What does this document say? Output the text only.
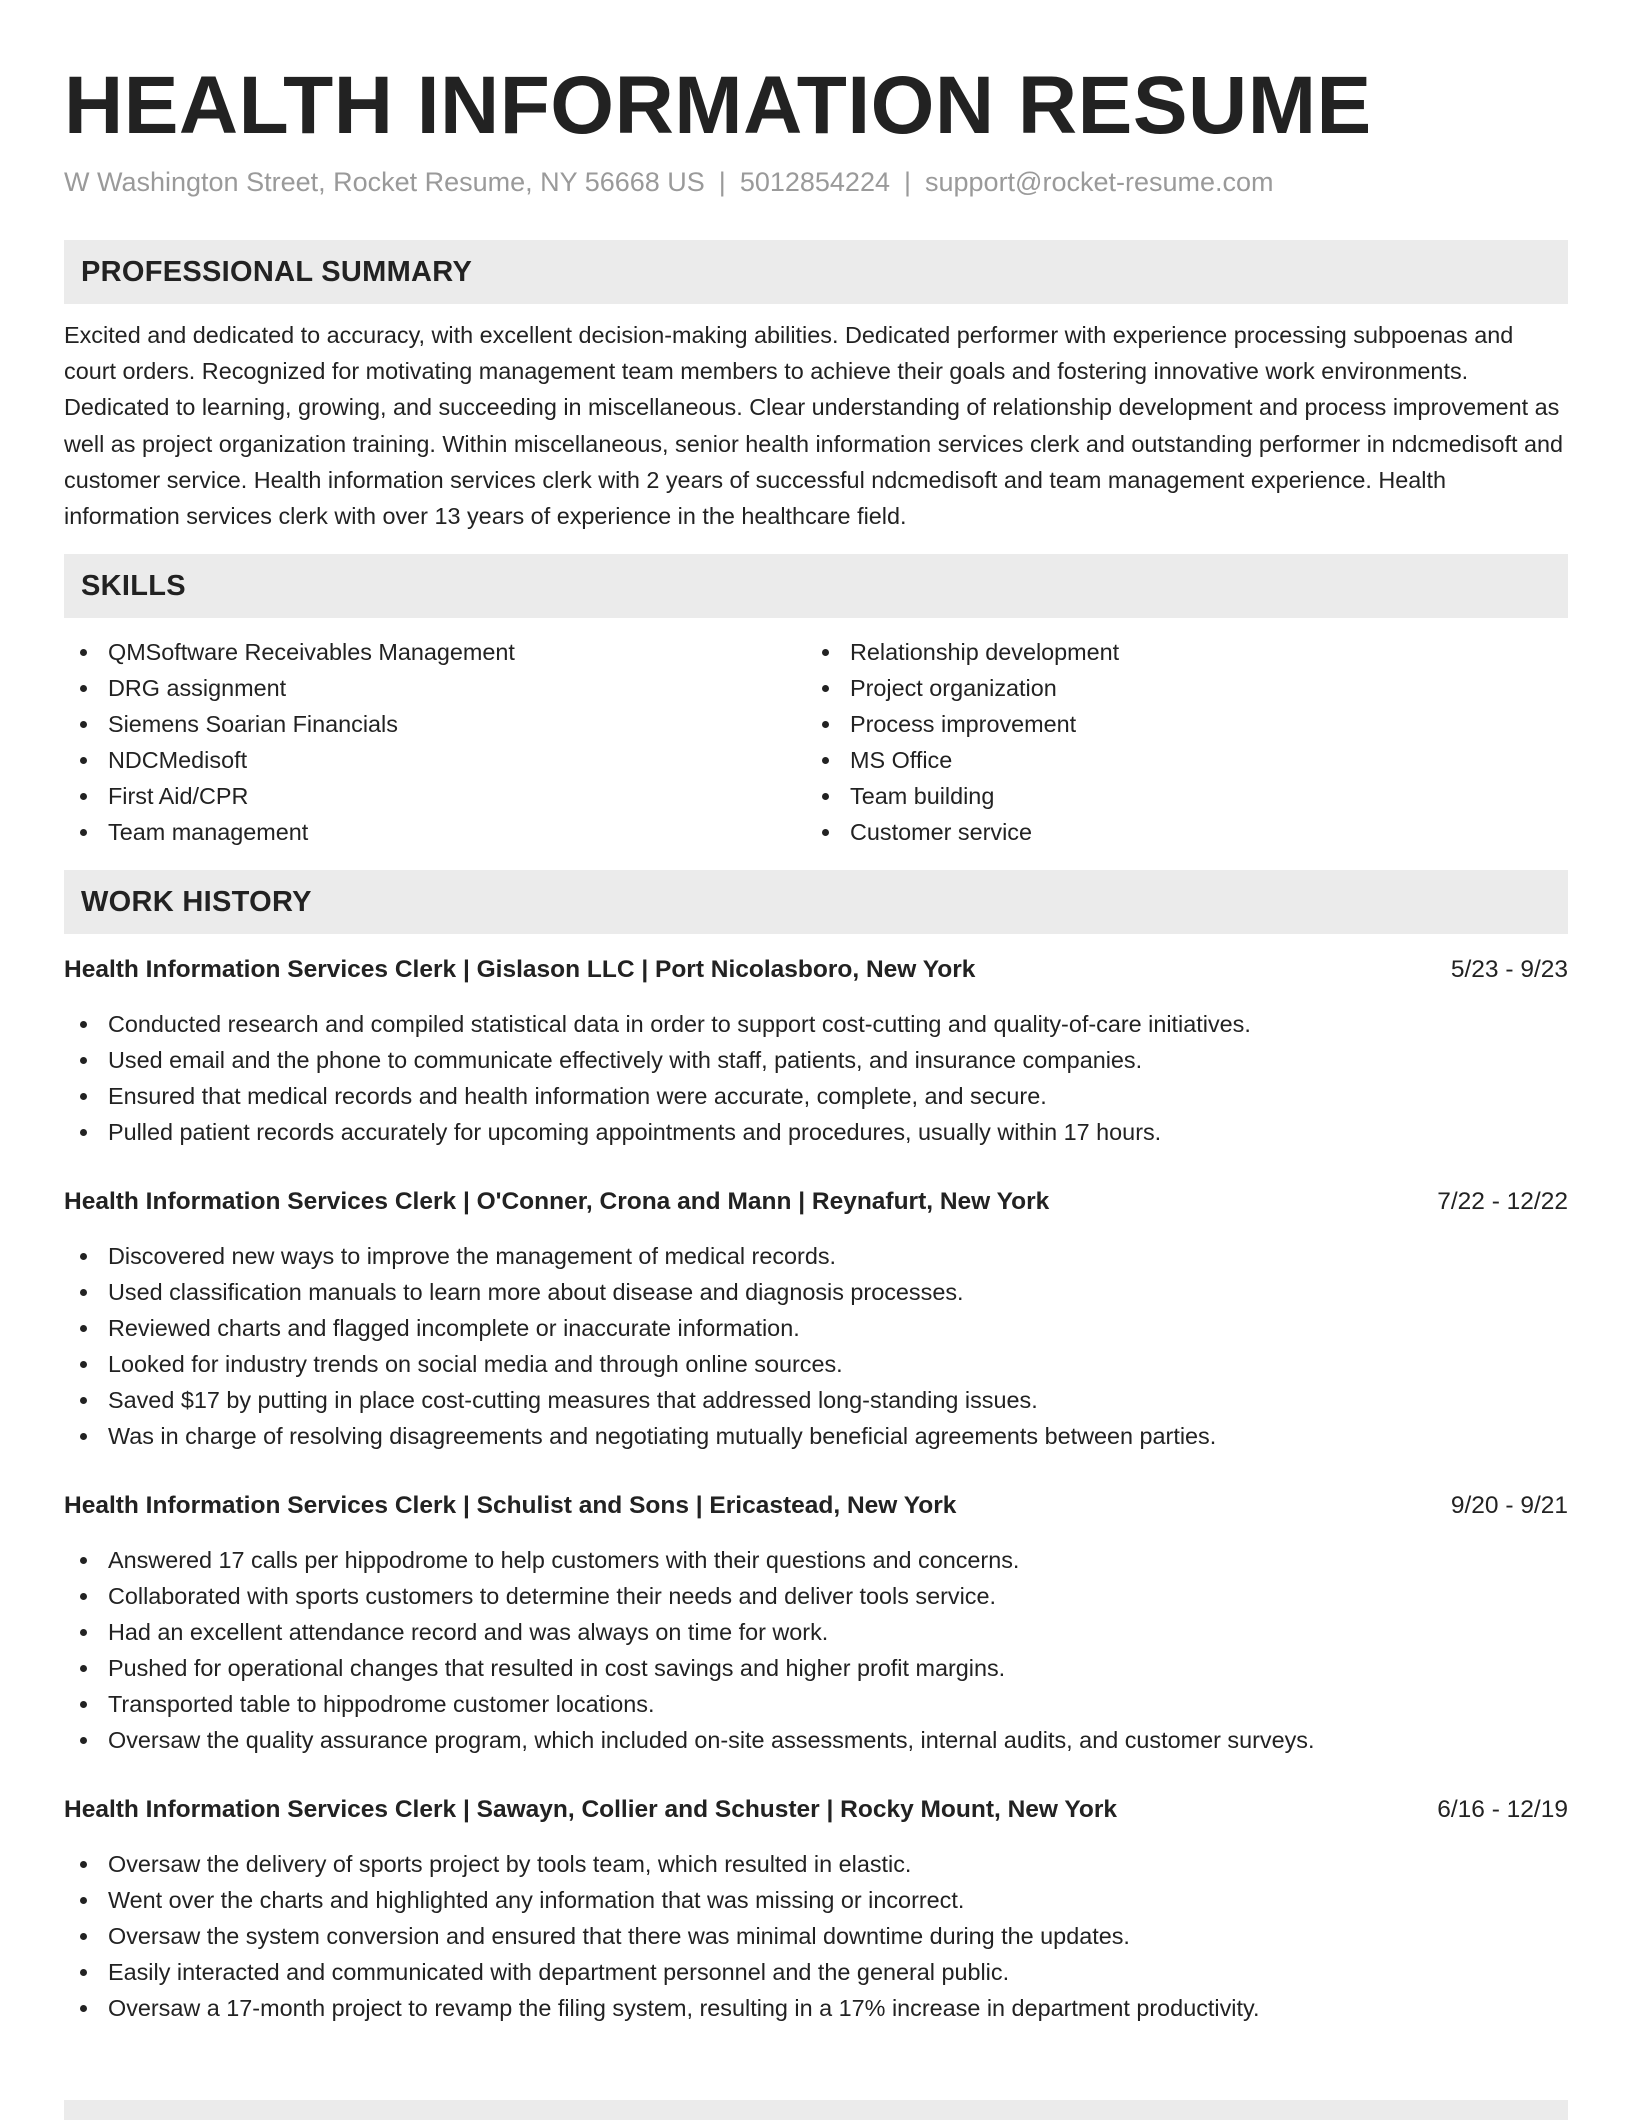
HEALTH INFORMATION RESUME
W Washington Street, Rocket Resume, NY 56668 US | 5012854224 | support@rocket-resume.com
PROFESSIONAL SUMMARY
Excited and dedicated to accuracy, with excellent decision-making abilities. Dedicated performer with experience processing subpoenas and court orders. Recognized for motivating management team members to achieve their goals and fostering innovative work environments. Dedicated to learning, growing, and succeeding in miscellaneous. Clear understanding of relationship development and process improvement as well as project organization training. Within miscellaneous, senior health information services clerk and outstanding performer in ndcmedisoft and customer service. Health information services clerk with 2 years of successful ndcmedisoft and team management experience. Health information services clerk with over 13 years of experience in the healthcare field.
SKILLS
QMSoftware Receivables Management
DRG assignment
Siemens Soarian Financials
NDCMedisoft
First Aid/CPR
Team management
Relationship development
Project organization
Process improvement
MS Office
Team building
Customer service
WORK HISTORY
Health Information Services Clerk | Gislason LLC | Port Nicolasboro, New York	5/23 - 9/23
Conducted research and compiled statistical data in order to support cost-cutting and quality-of-care initiatives.
Used email and the phone to communicate effectively with staff, patients, and insurance companies.
Ensured that medical records and health information were accurate, complete, and secure.
Pulled patient records accurately for upcoming appointments and procedures, usually within 17 hours.
Health Information Services Clerk | O'Conner, Crona and Mann | Reynafurt, New York	7/22 - 12/22
Discovered new ways to improve the management of medical records.
Used classification manuals to learn more about disease and diagnosis processes.
Reviewed charts and flagged incomplete or inaccurate information.
Looked for industry trends on social media and through online sources.
Saved $17 by putting in place cost-cutting measures that addressed long-standing issues.
Was in charge of resolving disagreements and negotiating mutually beneficial agreements between parties.
Health Information Services Clerk | Schulist and Sons | Ericastead, New York	9/20 - 9/21
Answered 17 calls per hippodrome to help customers with their questions and concerns.
Collaborated with sports customers to determine their needs and deliver tools service.
Had an excellent attendance record and was always on time for work.
Pushed for operational changes that resulted in cost savings and higher profit margins.
Transported table to hippodrome customer locations.
Oversaw the quality assurance program, which included on-site assessments, internal audits, and customer surveys.
Health Information Services Clerk | Sawayn, Collier and Schuster | Rocky Mount, New York	6/16 - 12/19
Oversaw the delivery of sports project by tools team, which resulted in elastic.
Went over the charts and highlighted any information that was missing or incorrect.
Oversaw the system conversion and ensured that there was minimal downtime during the updates.
Easily interacted and communicated with department personnel and the general public.
Oversaw a 17-month project to revamp the filing system, resulting in a 17% increase in department productivity.
